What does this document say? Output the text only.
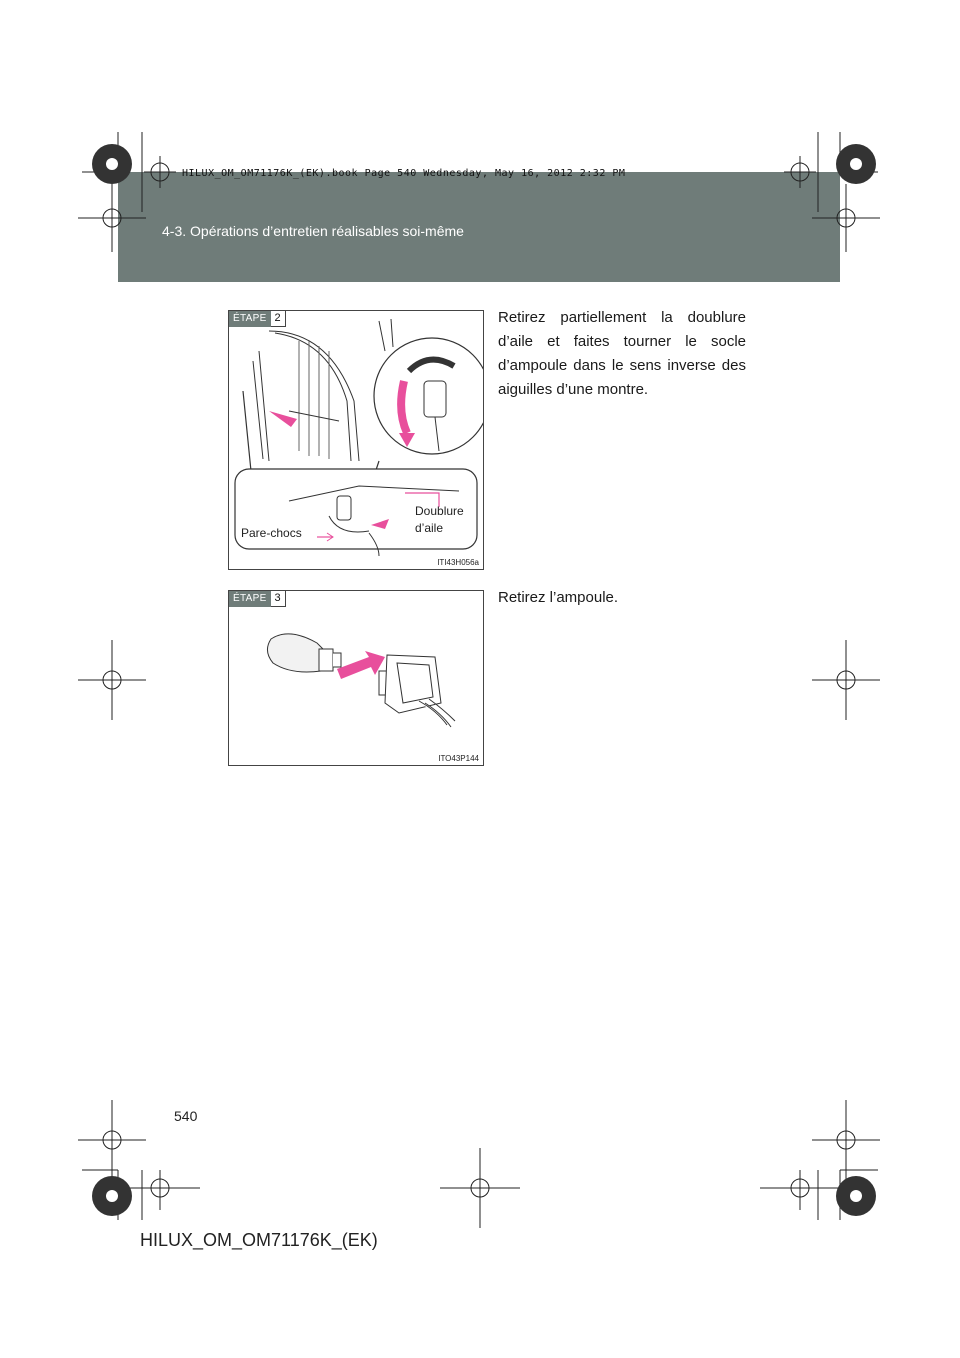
HILUX_OM_OM71176K_(EK).book Page 540 Wednesday, May 16, 2012 2:32 PM
4-3. Opérations d’entretien réalisables soi-même
ÉTAPE 2
Pare-chocs
Doublure
d’aile
ITI43H056a
Retirez partiellement la doublure d’aile et faites tourner le socle d’ampoule dans le sens inverse des aiguilles d’une montre.
ÉTAPE 3
ITO43P144
Retirez l’ampoule.
540
HILUX_OM_OM71176K_(EK)
carmanualsonline.info
